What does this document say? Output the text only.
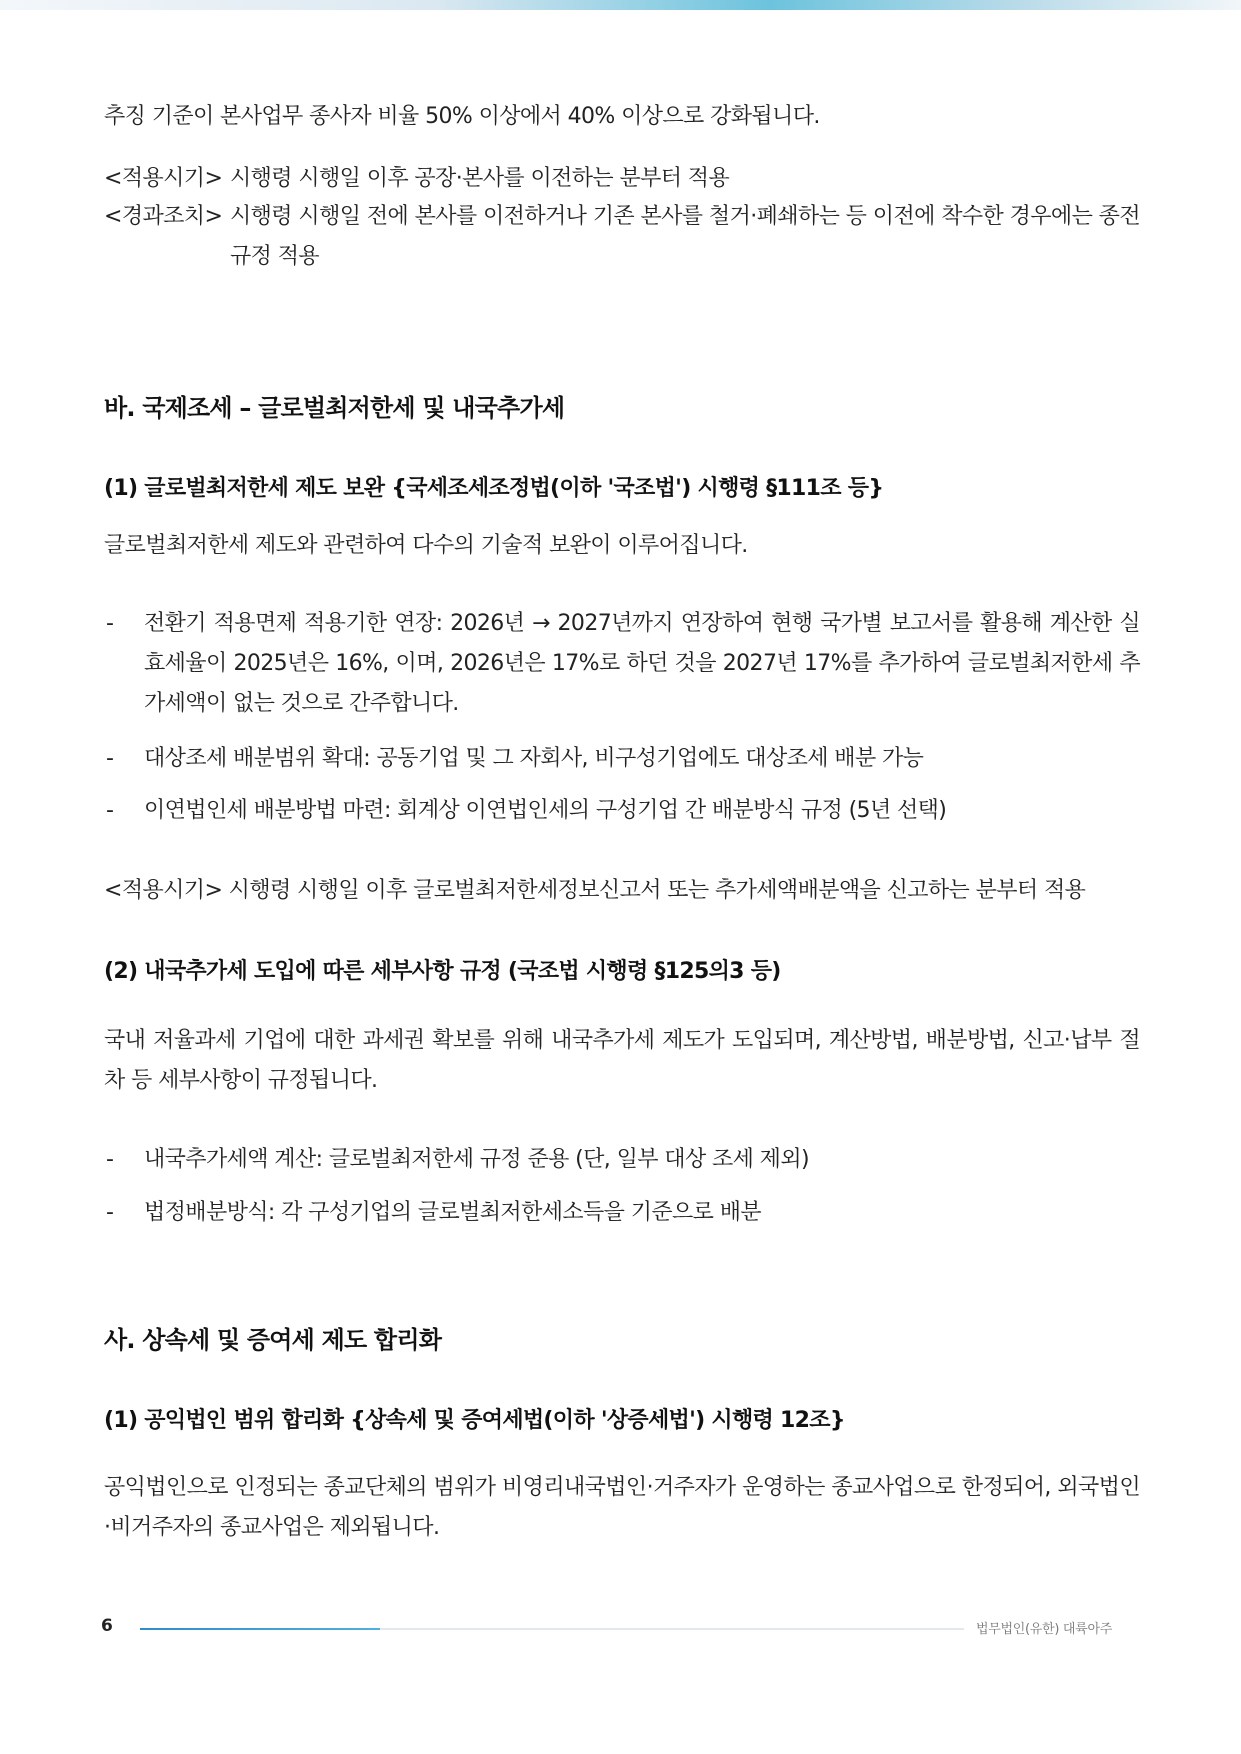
추징 기준이 본사업무 종사자 비율 50% 이상에서 40% 이상으로 강화됩니다.

<적용시기> 시행령 시행일 이후 공장·본사를 이전하는 분부터 적용
<경과조치> 시행령 시행일 전에 본사를 이전하거나 기존 본사를 철거·폐쇄하는 등 이전에 착수한 경우에는 종전 규정 적용
바. 국제조세 – 글로벌최저한세 및 내국추가세
(1) 글로벌최저한세 제도 보완 {국세조세조정법(이하 '국조법') 시행령 §111조 등}

글로벌최저한세 제도와 관련하여 다수의 기술적 보완이 이루어집니다.

- 전환기 적용면제 적용기한 연장: 2026년 → 2027년까지 연장하여 현행 국가별 보고서를 활용해 계산한 실효세율이 2025년은 16%, 이며, 2026년은 17%로 하던 것을 2027년 17%를 추가하여 글로벌최저한세 추가세액이 없는 것으로 간주합니다.
- 대상조세 배분범위 확대: 공동기업 및 그 자회사, 비구성기업에도 대상조세 배분 가능
- 이연법인세 배분방법 마련: 회계상 이연법인세의 구성기업 간 배분방식 규정 (5년 선택)

<적용시기> 시행령 시행일 이후 글로벌최저한세정보신고서 또는 추가세액배분액을 신고하는 분부터 적용

(2) 내국추가세 도입에 따른 세부사항 규정 (국조법 시행령 §125의3 등)

국내 저율과세 기업에 대한 과세권 확보를 위해 내국추가세 제도가 도입되며, 계산방법, 배분방법, 신고·납부 절차 등 세부사항이 규정됩니다.

- 내국추가세액 계산: 글로벌최저한세 규정 준용 (단, 일부 대상 조세 제외)
- 법정배분방식: 각 구성기업의 글로벌최저한세소득을 기준으로 배분
사. 상속세 및 증여세 제도 합리화
(1) 공익법인 범위 합리화 {상속세 및 증여세법(이하 '상증세법') 시행령 12조}

공익법인으로 인정되는 종교단체의 범위가 비영리내국법인·거주자가 운영하는 종교사업으로 한정되어, 외국법인·비거주자의 종교사업은 제외됩니다.

6	법무법인(유한) 대륙아주
